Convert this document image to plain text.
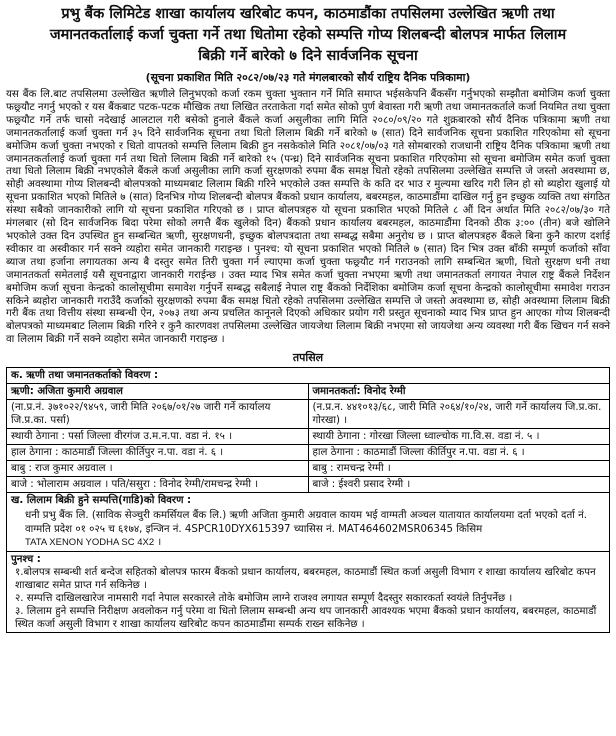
प्रभु बैंक लिमिटेड शाखा कार्यालय खरिबोट कपन, काठमाडौंका तपसिलमा उल्लेखित ऋणी तथा

जमानतकर्तालाई कर्जा चुक्ता गर्ने तथा धितोमा रहेको सम्पत्ति गोप्य शिलबन्दी बोलपत्र मार्फत लिलाम

बिक्री गर्ने बारेको ७ दिने सार्वजनिक सूचना

(सूचना प्रकाशित मिति २०८२/०७/२३ गते मंगलबारको सौर्य राष्ट्रिय दैनिक पत्रिकामा)

यस बैंक लि.बाट तपसिलमा उल्लेखित ऋणीले लिनुभएको कर्जा रकम चुक्ता भुक्तान गर्ने मिति समाप्त भईसकेपनि बैंकसँग गर्नुभएको सम्झौता बमोजिम कर्जा चुक्ता फछ्र्यौट नगर्नु भएको र यस बैंकबाट पटक-पटक मौखिक तथा लिखित तरताकेता गर्दा समेत सोको पुर्ण बेवास्ता गरी ऋणी तथा जमानतकर्ताले कर्जा नियमित तथा चुक्ता फछ्र्यौट गर्ने तर्फ चासो नदेखाई आलटाल गरी बसेको हुनाले बैंकले कर्जा असुलीका लागि मिति २०८०/०९/२० गते शुक्रबारको सौर्य दैनिक पत्रिकामा ऋणी तथा जमानतकर्तालाई कर्जा चुक्ता गर्न ३५ दिने सार्वजनिक सूचना तथा धितो लिलाम बिक्री गर्ने बारेको ७ (सात) दिने सार्वजनिक सूचना प्रकाशित गरिएकोमा सो सूचना बमोजिम कर्जा चुक्ता नभएको र धितो वापतको सम्पत्ति लिलाम बिक्री हुन नसकेकोले मिति २०८१/०७/०३ गते सोमबारको राजधानी राष्ट्रिय दैनिक पत्रिकामा ऋणी तथा जमानतकर्तालाई कर्जा चुक्ता गर्न तथा धितो लिलाम बिक्री गर्ने बारेको १५ (पन्ध्र) दिने सार्वजनिक सूचना प्रकाशित गरिएकोमा सो सूचना बमोजिम समेत कर्जा चुक्ता तथा धितो लिलाम बिक्री नभएकोले बैंकले कर्जा असुलीका लागि कर्जा सुरक्षणको रुपमा बैंक समक्ष धितो रहेको तपसिलमा उल्लेखित सम्पत्ति जे जस्तो अवस्थामा छ, सोही अवस्थामा गोप्य शिलबन्दी बोलपत्रको माध्यमबाट लिलाम बिक्री गरिने भएकोले उक्त सम्पत्ति के कति दर भाउ र मुल्यमा खरिद गरी लिन हो सो ब्यहोरा खुलाई यो सूचना प्रकाशित भएको मितिले ७ (सात) दिनभित्र गोप्य शिलबन्दी बोलपत्र बैंकको प्रधान कार्यालय, बबरमहल, काठमाडौंमा दाखिल गर्नु हुन इच्छुक व्यक्ति तथा संगठित संस्था सबैको जानकारीको लागि यो सूचना प्रकाशित गरिएको छ । प्राप्त बोलपत्रहरु यो सूचना प्रकाशित भएको मितिले ८ औं दिन अर्थात मिति २०८२/०७/३० गते मंगलबार (सो दिन सार्वजनिक बिदा परेमा सोको लगत्तै बैंक खुलेको दिन) बैंकको प्रधान कार्यालय बबरमहल, काठमाडौंमा दिनको ठीक ३:०० (तीन) बजे खोलिने भएकोले उक्त दिन उपस्थित हुन सम्बन्धित ऋणी, सुरक्षणधनी, इच्छुक बोलपत्रदाता तथा सम्बद्ध सबैमा अनुरोध छ । प्राप्त बोलपत्रहरु बैंकले बिना कुनै कारण दर्शाई स्वीकार वा अस्वीकार गर्न सक्ने व्यहोरा समेत जानकारी गराइन्छ । पुनश्च: यो सूचना प्रकाशित भएको मितिले ७ (सात) दिन भित्र उक्त बाँकी सम्पूर्ण कर्जाको साँवा ब्याज तथा हर्जाना लगायतका अन्य बै दस्तुर समेत तिरी चुक्ता गर्न ल्याएमा कर्जा चुक्ता फछ्र्यौट गर्न गराउनको लागि सम्बन्धित ऋणी, धितो सुरक्षण धनी तथा जमानतकर्ता समेतलाई यसै सूचनाद्वारा जानकारी गराईन्छ । उक्त म्याद भित्र समेत कर्जा चुक्ता नभएमा ऋणी तथा जमानतकर्ता लगायत नेपाल राष्ट्र बैंकले निर्देशन बमोजिम कर्जा सूचना केन्द्रको कालोसूचीमा समावेश गर्नुपर्ने सम्बद्ध सबैलाई नेपाल राष्ट्र बैंकको निर्देशिका बमोजिम कर्जा सूचना केन्द्रको कालोसूचीमा समावेश गराउन सकिने ब्यहोरा जानकारी गराउँदै कर्जाको सुरक्षणको रुपमा बैंक समक्ष धितो रहेको तपसिलमा उल्लेखित सम्पत्ति जे जस्तो अवस्थामा छ, सोही अवस्थामा लिलाम बिक्री गरी बैंक तथा वित्तीय संस्था सम्बन्धी ऐन, २०७३ तथा अन्य प्रचलित कानूनले दिएको अधिकार प्रयोग गरी प्रस्तुत सूचनाको म्याद भित्र प्राप्त हुन आएका गोप्य शिलबन्दी बोलपत्रको माध्यमबाट लिलाम बिक्री गरिने र कुनै कारणवश तपसिलमा उल्लेखित जायजेथा लिलाम बिक्री नभएमा सो जायजेथा अन्य व्यवस्था गरी बैंक खिचन गर्न सक्ने वा लिलाम बिक्री गर्ने सक्ने व्यहोरा समेत जानकारी गराइन्छ ।

तपसिल

क. ऋणी तथा जमानतकर्ताको विवरण :
ऋणी: अजिता कुमारी अग्रवाल
(ना.प्र.नं. ३७१०२२/९४५९, जारी मिति २०६७/०१/२७ जारी गर्ने कार्यालय जि.प्र.का. पर्सा)
स्थायी ठेगाना : पर्सा जिल्ला वीरगंज उ.म.न.पा. वडा नं. १५ ।
हाल ठेगाना : काठमाडौं जिल्ला कीर्तिपुर न.पा. वडा नं. ६ ।
बाबु : राज कुमार अग्रवाल ।
बाजे : भोलाराम अग्रवाल । पति/ससुरा : विनोद रेग्मी/रामचन्द्र रेग्मी ।
जमानतकर्ता: विनोद रेग्मी
(न.प्र.न. ४४१०१३/६८, जारी मिति २०६४/१०/२४, जारी गर्ने कार्यालय जि.प्र.का. गोरखा) ।
स्थायी ठेगाना : गोरखा जिल्ला ध्वाल्चोक गा.वि.स. वडा नं. ५ ।
हाल ठेगाना : काठमाडौं जिल्ला कीर्तिपुर न.पा. वडा नं. ६ ।
बाबु : रामचन्द्र रेग्मी ।
बाजे : ईश्वरी प्रसाद रेग्मी ।
ख. लिलाम बिक्री हुने सम्पत्ति(गाडि)को विवरण :
धनी प्रभु बैंक लि. (साविक सेञ्चुरी कमर्सियल बैंक लि.) ऋणी अजिता कुमारी अग्रवाल कायम भई वाग्मती अञ्चल यातायात कार्यालयमा दर्ता भएको दर्ता नं. वाग्मति प्रदेश ०१ ०२५ च ६१७४, इन्जिन नं. 4SPCR10DYX615397 च्यासिस नं. MAT464602MSR06345 किसिम
TATA XENON YODHA SC 4X2 ।
पुनश्च :
१.बोलपत्र सम्बन्धी शर्त बन्देज सहितको बोलपत्र फारम बैंकको प्रधान कार्यालय, बबरमहल, काठमाडौं स्थित कर्जा असुली विभाग र शाखा कार्यालय खरिबोट कपन शाखाबाट समेत प्राप्त गर्न सकिनेछ ।
२. सम्पत्ति दाखिलखारेज नामसारी गर्दा नेपाल सरकारले तोके बमोजिम लाग्ने राजश्व लगायत सम्पूर्ण दैदस्तुर सकारकर्ता स्वयंले तिर्नुपर्नेछ ।
३. लिलाम हुने सम्पत्ति निरीक्षण अवलोकन गर्नु परेमा वा धितो लिलाम सम्बन्धी अन्य थप जानकारी आवश्यक भएमा बैंकको प्रधान कार्यालय, बबरमहल, काठमाडौं स्थित कर्जा असुली विभाग र शाखा कार्यालय खरिबोट कपन काठमाडौंमा सम्पर्क राख्न सकिनेछ ।
